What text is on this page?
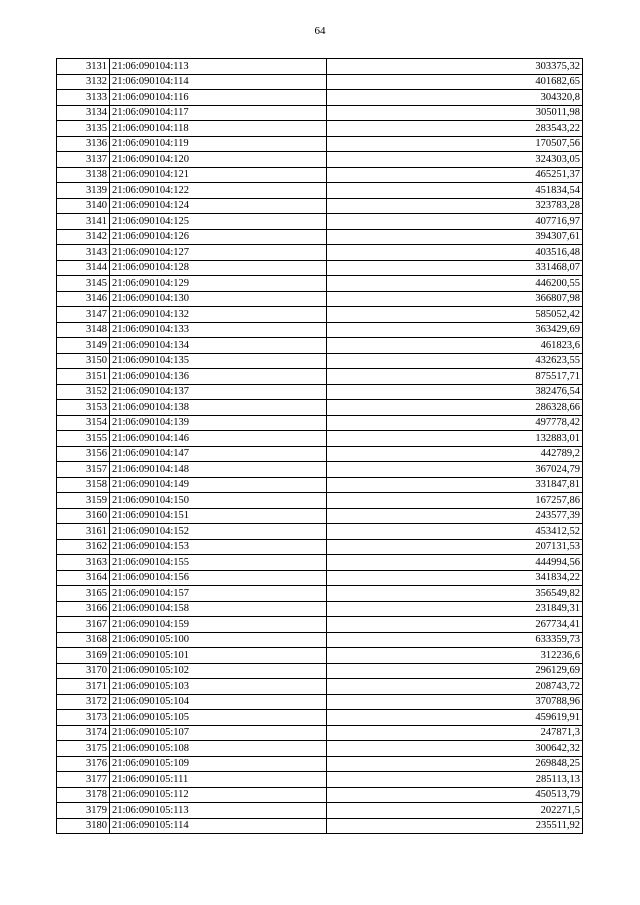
64
3131	21:06:090104:113	303375,32
3132	21:06:090104:114	401682,65
3133	21:06:090104:116	304320,8
3134	21:06:090104:117	305011,98
3135	21:06:090104:118	283543,22
3136	21:06:090104:119	170507,56
3137	21:06:090104:120	324303,05
3138	21:06:090104:121	465251,37
3139	21:06:090104:122	451834,54
3140	21:06:090104:124	323783,28
3141	21:06:090104:125	407716,97
3142	21:06:090104:126	394307,61
3143	21:06:090104:127	403516,48
3144	21:06:090104:128	331468,07
3145	21:06:090104:129	446200,55
3146	21:06:090104:130	366807,98
3147	21:06:090104:132	585052,42
3148	21:06:090104:133	363429,69
3149	21:06:090104:134	461823,6
3150	21:06:090104:135	432623,55
3151	21:06:090104:136	875517,71
3152	21:06:090104:137	382476,54
3153	21:06:090104:138	286328,66
3154	21:06:090104:139	497778,42
3155	21:06:090104:146	132883,01
3156	21:06:090104:147	442789,2
3157	21:06:090104:148	367024,79
3158	21:06:090104:149	331847,81
3159	21:06:090104:150	167257,86
3160	21:06:090104:151	243577,39
3161	21:06:090104:152	453412,52
3162	21:06:090104:153	207131,53
3163	21:06:090104:155	444994,56
3164	21:06:090104:156	341834,22
3165	21:06:090104:157	356549,82
3166	21:06:090104:158	231849,31
3167	21:06:090104:159	267734,41
3168	21:06:090105:100	633359,73
3169	21:06:090105:101	312236,6
3170	21:06:090105:102	296129,69
3171	21:06:090105:103	208743,72
3172	21:06:090105:104	370788,96
3173	21:06:090105:105	459619,91
3174	21:06:090105:107	247871,3
3175	21:06:090105:108	300642,32
3176	21:06:090105:109	269848,25
3177	21:06:090105:111	285113,13
3178	21:06:090105:112	450513,79
3179	21:06:090105:113	202271,5
3180	21:06:090105:114	235511,92
